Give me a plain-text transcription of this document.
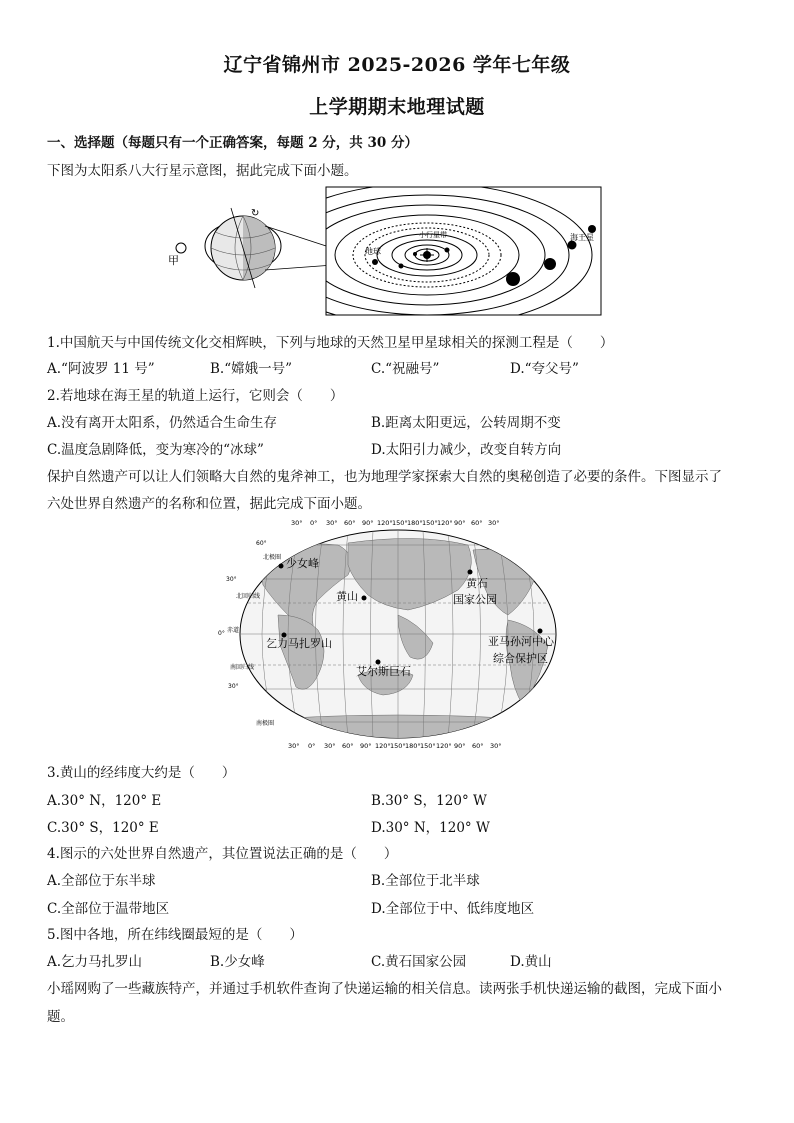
辽宁省锦州市 2025-2026 学年七年级
上学期期末地理试题
一、选择题（每题只有一个正确答案，每题 2 分，共 30 分）
下图为太阳系八大行星示意图，据此完成下面小题。
甲
↻
地球
小行星带	海王星
1.中国航天与中国传统文化交相辉映，下列与地球的天然卫星甲星球相关的探测工程是（　　）
A.“阿波罗 11 号”	B.“嫦娥一号”	C.“祝融号”	D.“夸父号”
2.若地球在海王星的轨道上运行，它则会（　　）
A.没有离开太阳系，仍然适合生命生存	B.距离太阳更远，公转周期不变
C.温度急剧降低，变为寒冷的“冰球”	D.太阳引力减少，改变自转方向
保护自然遗产可以让人们领略大自然的鬼斧神工，也为地理学家探索大自然的奥秘创造了必要的条件。下图显示了
六处世界自然遗产的名称和位置，据此完成下面小题。
30° 0° 30° 60° 90° 120° 150° 180° 150° 120° 90° 60° 30°
30° 0° 30° 60° 90° 120° 150° 180° 150° 120° 90° 60° 30°
60°
30°
0°
30°
北极圈
北回归线
赤道
南回归线
南极圈
少女峰
黄山
黄石
国家公园
乞力马扎罗山	亚马孙河中心
综合保护区
艾尔斯巨石
3.黄山的经纬度大约是（　　）
A.30° N，120° E	B.30° S，120° W
C.30° S，120° E	D.30° N，120° W
4.图示的六处世界自然遗产，其位置说法正确的是（　　）
A.全部位于东半球	B.全部位于北半球
C.全部位于温带地区	D.全部位于中、低纬度地区
5.图中各地，所在纬线圈最短的是（　　）
A.乞力马扎罗山	B.少女峰	C.黄石国家公园	D.黄山
小瑶网购了一些藏族特产，并通过手机软件查询了快递运输的相关信息。读两张手机快递运输的截图，完成下面小
题。
